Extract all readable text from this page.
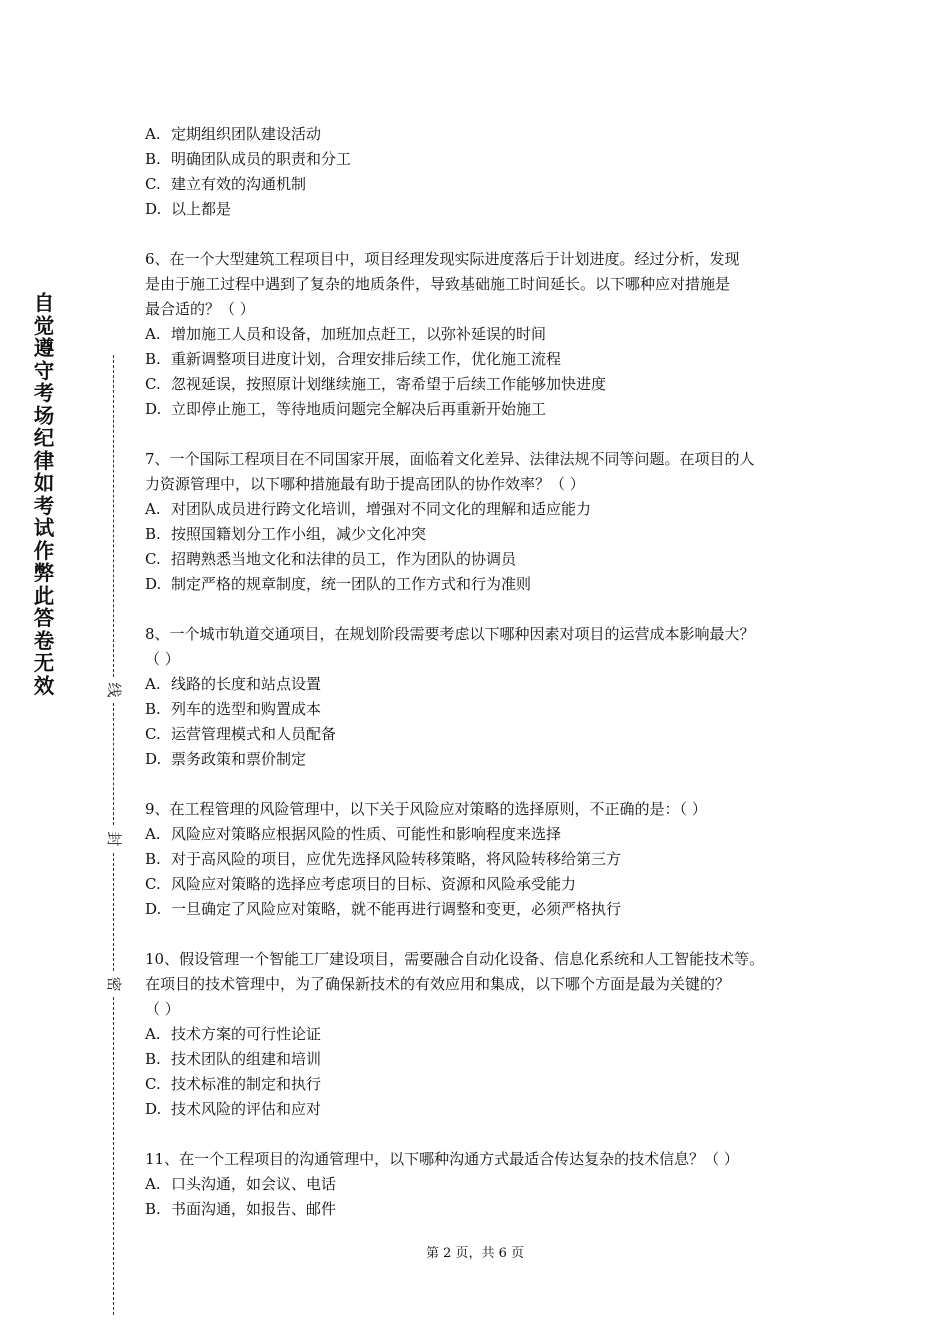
自觉遵守考场纪律如考试作弊此答卷无效	线
封
密
A. 定期组织团队建设活动
B. 明确团队成员的职责和分工
C. 建立有效的沟通机制
D. 以上都是
6、在一个大型建筑工程项目中，项目经理发现实际进度落后于计划进度。经过分析，发现
是由于施工过程中遇到了复杂的地质条件，导致基础施工时间延长。以下哪种应对措施是
最合适的？（ ）
A. 增加施工人员和设备，加班加点赶工，以弥补延误的时间
B. 重新调整项目进度计划，合理安排后续工作，优化施工流程
C. 忽视延误，按照原计划继续施工，寄希望于后续工作能够加快进度
D. 立即停止施工，等待地质问题完全解决后再重新开始施工
7、一个国际工程项目在不同国家开展，面临着文化差异、法律法规不同等问题。在项目的人
力资源管理中，以下哪种措施最有助于提高团队的协作效率？（ ）
A. 对团队成员进行跨文化培训，增强对不同文化的理解和适应能力
B. 按照国籍划分工作小组，减少文化冲突
C. 招聘熟悉当地文化和法律的员工，作为团队的协调员
D. 制定严格的规章制度，统一团队的工作方式和行为准则
8、一个城市轨道交通项目，在规划阶段需要考虑以下哪种因素对项目的运营成本影响最大？
（ ）
A. 线路的长度和站点设置
B. 列车的选型和购置成本
C. 运营管理模式和人员配备
D. 票务政策和票价制定
9、在工程管理的风险管理中，以下关于风险应对策略的选择原则，不正确的是：（ ）
A. 风险应对策略应根据风险的性质、可能性和影响程度来选择
B. 对于高风险的项目，应优先选择风险转移策略，将风险转移给第三方
C. 风险应对策略的选择应考虑项目的目标、资源和风险承受能力
D. 一旦确定了风险应对策略，就不能再进行调整和变更，必须严格执行
10、假设管理一个智能工厂建设项目，需要融合自动化设备、信息化系统和人工智能技术等。
在项目的技术管理中，为了确保新技术的有效应用和集成，以下哪个方面是最为关键的？
（ ）
A. 技术方案的可行性论证
B. 技术团队的组建和培训
C. 技术标准的制定和执行
D. 技术风险的评估和应对
11、在一个工程项目的沟通管理中，以下哪种沟通方式最适合传达复杂的技术信息？（ ）
A. 口头沟通，如会议、电话
B. 书面沟通，如报告、邮件
第 2 页，共 6 页
